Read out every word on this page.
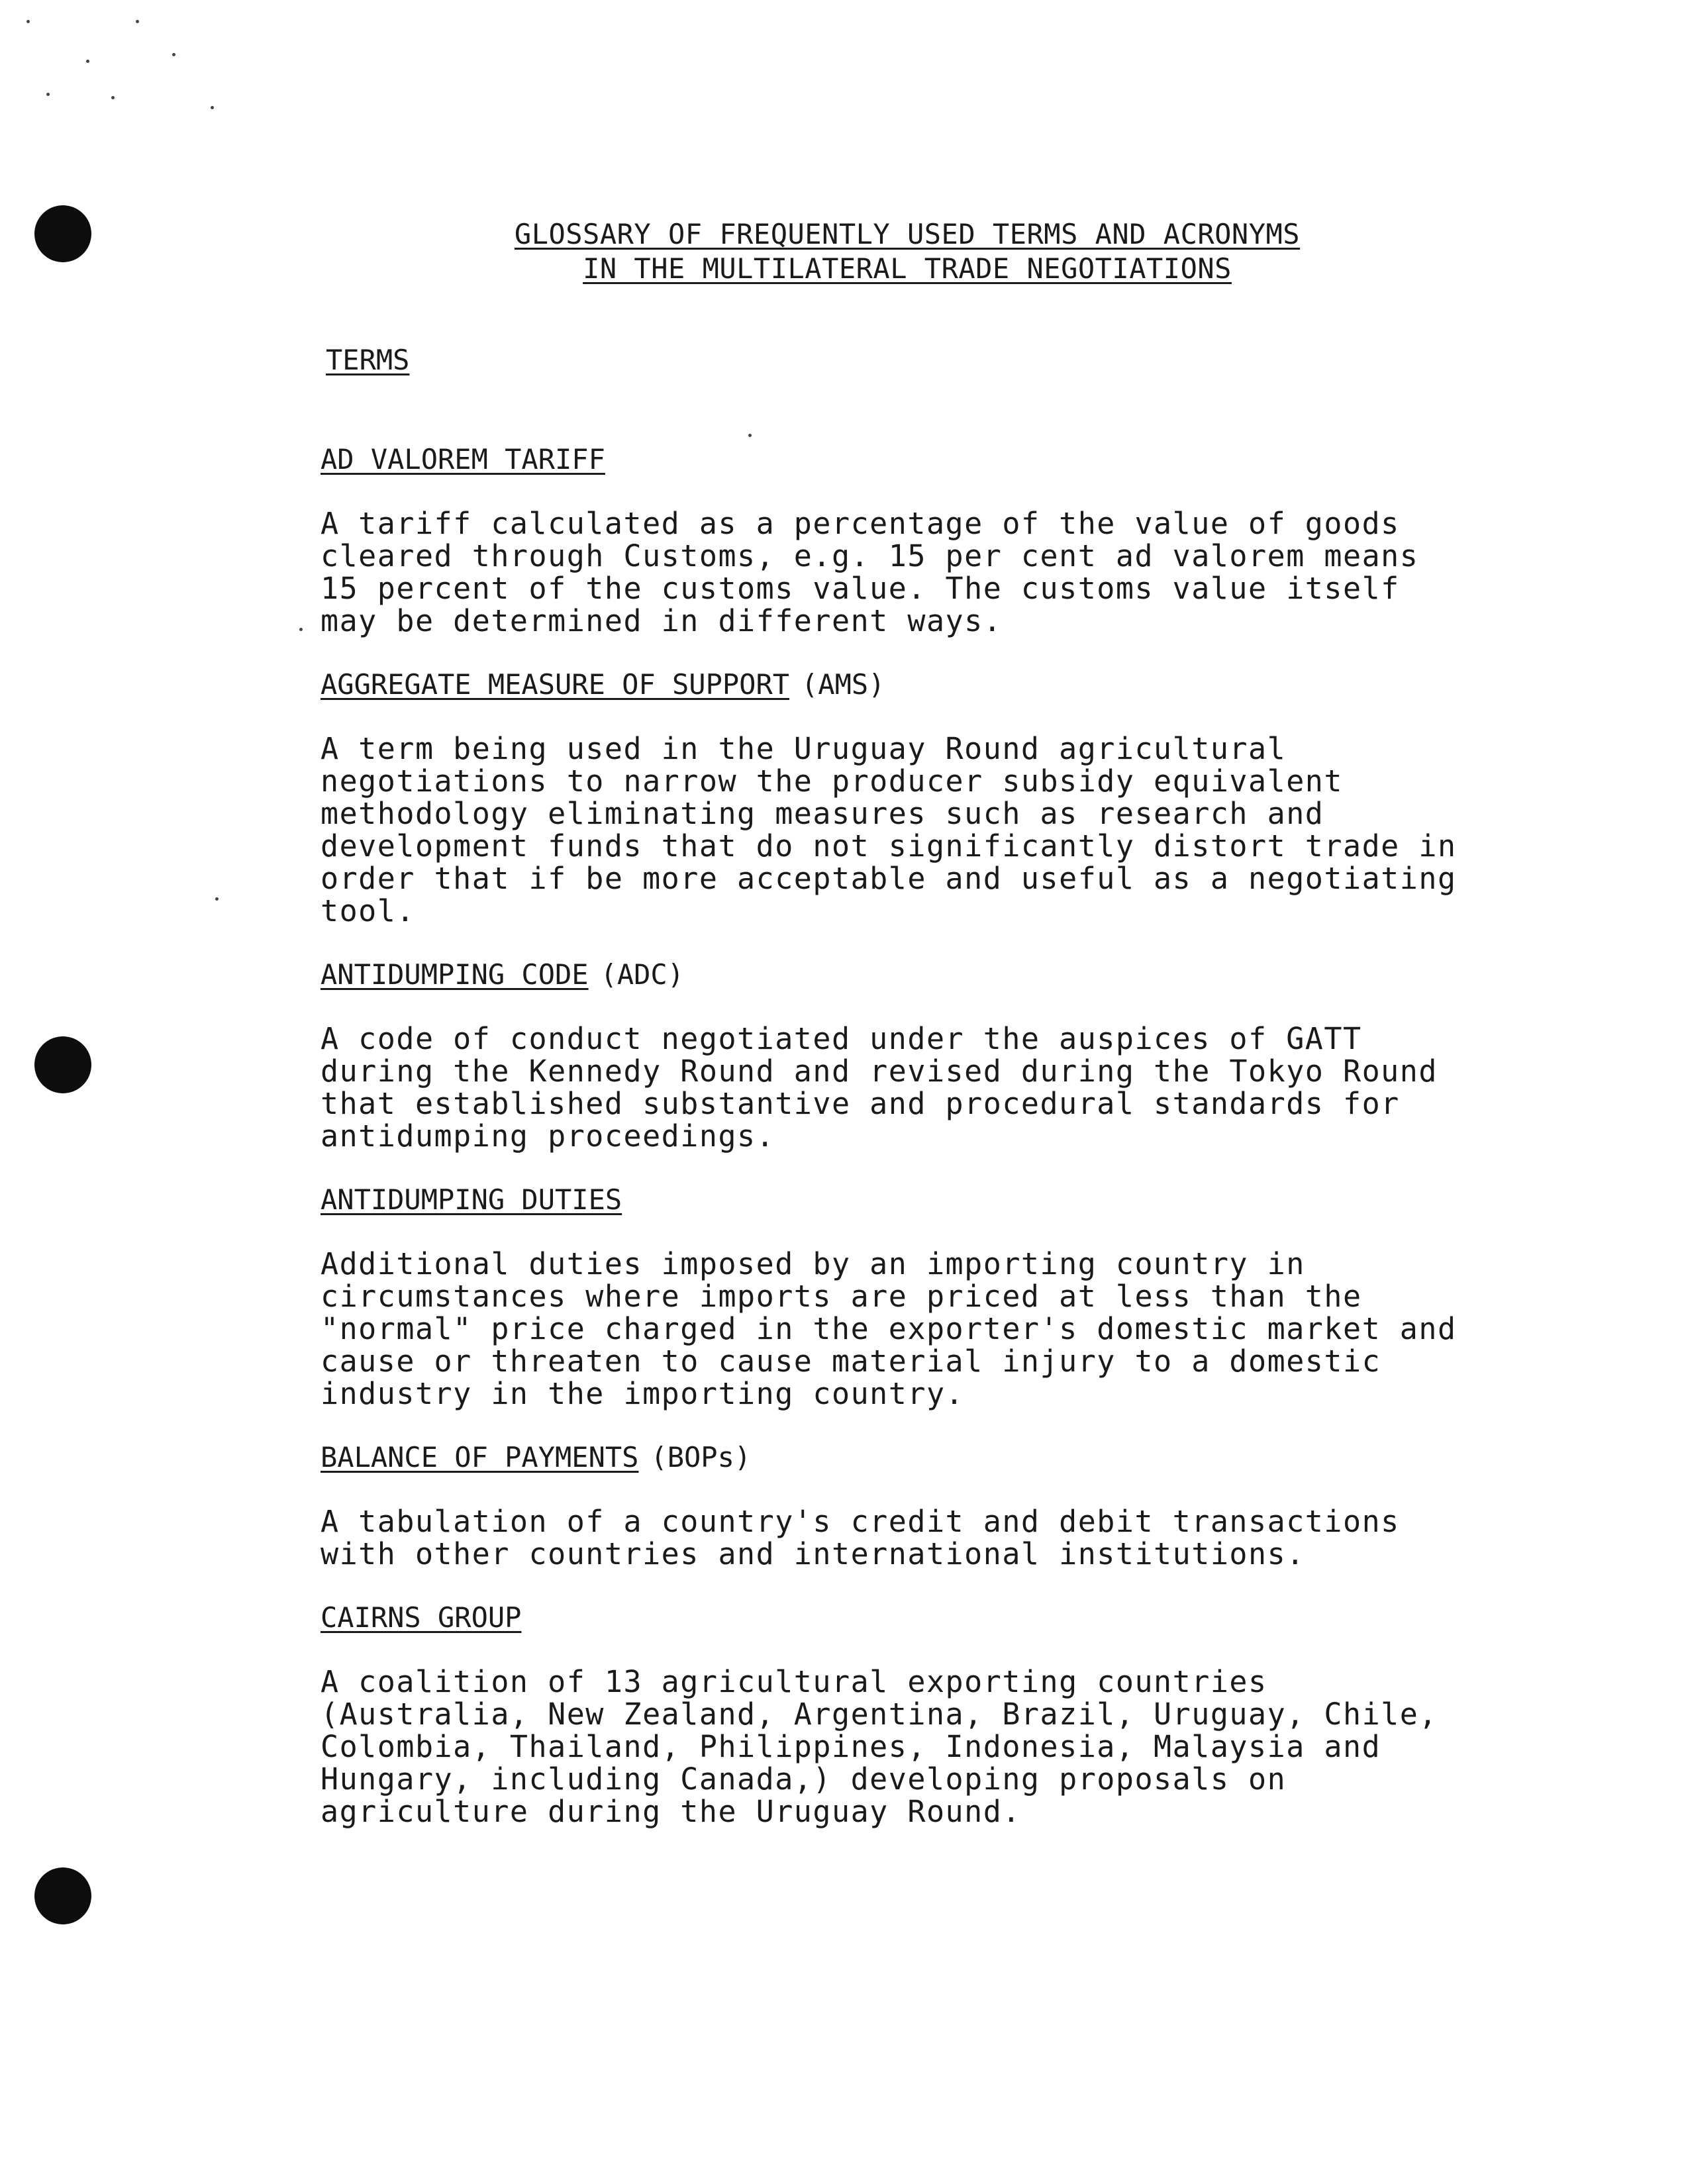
GLOSSARY OF FREQUENTLY USED TERMS AND ACRONYMS
IN THE MULTILATERAL TRADE NEGOTIATIONS
TERMS
AD VALOREM TARIFF
A tariff calculated as a percentage of the value of goods
cleared through Customs, e.g. 15 per cent ad valorem means
15 percent of the customs value. The customs value itself
may be determined in different ways.
AGGREGATE MEASURE OF SUPPORT (AMS)
A term being used in the Uruguay Round agricultural
negotiations to narrow the producer subsidy equivalent
methodology eliminating measures such as research and
development funds that do not significantly distort trade in
order that if be more acceptable and useful as a negotiating
tool.
ANTIDUMPING CODE (ADC)
A code of conduct negotiated under the auspices of GATT
during the Kennedy Round and revised during the Tokyo Round
that established substantive and procedural standards for
antidumping proceedings.
ANTIDUMPING DUTIES
Additional duties imposed by an importing country in
circumstances where imports are priced at less than the
"normal" price charged in the exporter's domestic market and
cause or threaten to cause material injury to a domestic
industry in the importing country.
BALANCE OF PAYMENTS (BOPs)
A tabulation of a country's credit and debit transactions
with other countries and international institutions.
CAIRNS GROUP
A coalition of 13 agricultural exporting countries
(Australia, New Zealand, Argentina, Brazil, Uruguay, Chile,
Colombia, Thailand, Philippines, Indonesia, Malaysia and
Hungary, including Canada,) developing proposals on
agriculture during the Uruguay Round.
